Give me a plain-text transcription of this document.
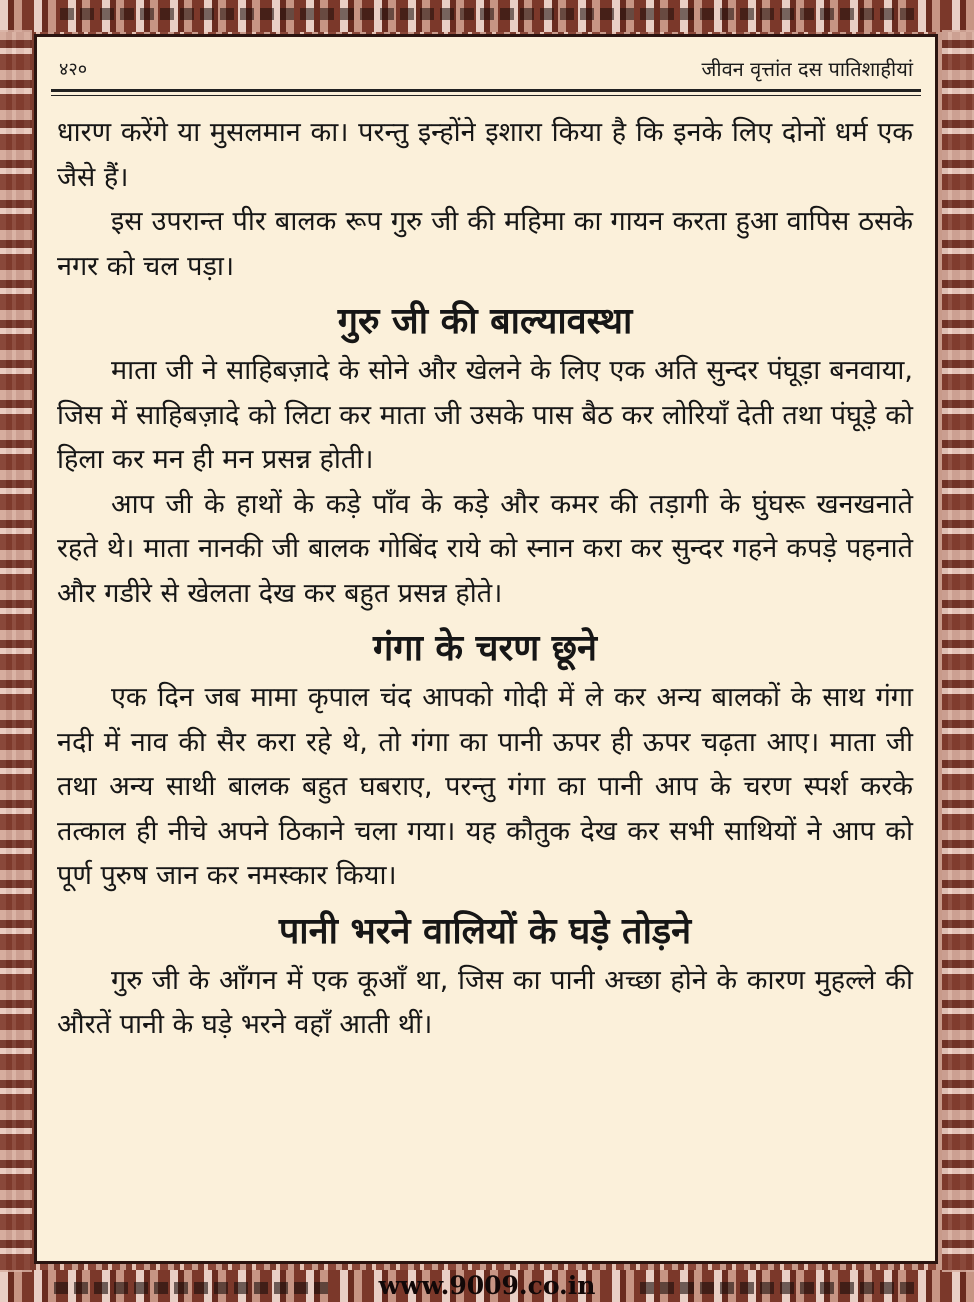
४२०	जीवन वृत्तांत दस पातिशाहीयां

धारण करेंगे या मुसलमान का। परन्तु इन्होंने इशारा किया है कि इनके लिए दोनों धर्म एक जैसे हैं।

इस उपरान्त पीर बालक रूप गुरु जी की महिमा का गायन करता हुआ वापिस ठसके नगर को चल पड़ा।

गुरु जी की बाल्यावस्था

माता जी ने साहिबज़ादे के सोने और खेलने के लिए एक अति सुन्दर पंघूड़ा बनवाया, जिस में साहिबज़ादे को लिटा कर माता जी उसके पास बैठ कर लोरियाँ देती तथा पंघूड़े को हिला कर मन ही मन प्रसन्न होती।

आप जी के हाथों के कड़े पाँव के कड़े और कमर की तड़ागी के घुंघरू खनखनाते रहते थे। माता नानकी जी बालक गोबिंद राये को स्नान करा कर सुन्दर गहने कपड़े पहनाते और गडीरे से खेलता देख कर बहुत प्रसन्न होते।

गंगा के चरण छूने

एक दिन जब मामा कृपाल चंद आपको गोदी में ले कर अन्य बालकों के साथ गंगा नदी में नाव की सैर करा रहे थे, तो गंगा का पानी ऊपर ही ऊपर चढ़ता आए। माता जी तथा अन्य साथी बालक बहुत घबराए, परन्तु गंगा का पानी आप के चरण स्पर्श करके तत्काल ही नीचे अपने ठिकाने चला गया। यह कौतुक देख कर सभी साथियों ने आप को पूर्ण पुरुष जान कर नमस्कार किया।

पानी भरने वालियों के घड़े तोड़ने

गुरु जी के आँगन में एक कूआँ था, जिस का पानी अच्छा होने के कारण मुहल्ले की औरतें पानी के घड़े भरने वहाँ आती थीं।

www.9009.co.in
